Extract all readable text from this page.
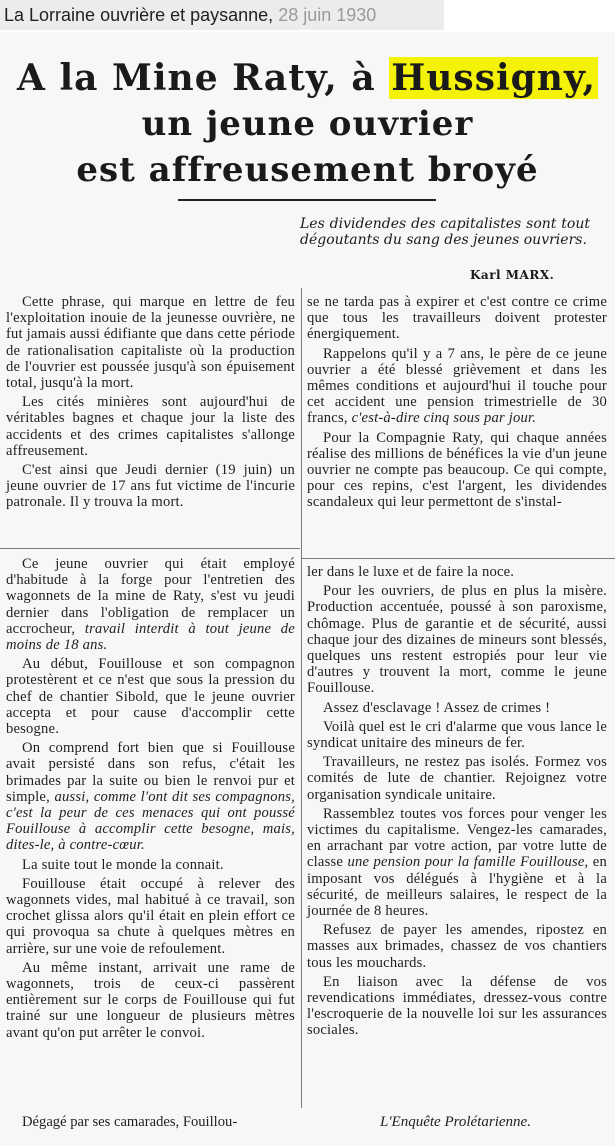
La Lorraine ouvrière et paysanne, 28 juin 1930
A la Mine Raty, à Hussigny,
un jeune ouvrier
est affreusement broyé
Les dividendes des capitalistes sont tout dégoutants du sang des jeunes ouvriers.
Karl MARX.

Cette phrase, qui marque en lettre de feu l'exploitation inouie de la jeunesse ouvrière, ne fut jamais aussi édifiante que dans cette période de rationalisation capitaliste où la production de l'ouvrier est poussée jusqu'à son épuisement total, jusqu'à la mort.

Les cités minières sont aujourd'hui de véritables bagnes et chaque jour la liste des accidents et des crimes capitalistes s'allonge affreusement.

C'est ainsi que Jeudi dernier (19 juin) un jeune ouvrier de 17 ans fut victime de l'incurie patronale. Il y trouva la mort.

Ce jeune ouvrier qui était employé d'habitude à la forge pour l'entretien des wagonnets de la mine de Raty, s'est vu jeudi dernier dans l'obligation de remplacer un accrocheur, travail interdit à tout jeune de moins de 18 ans.

Au début, Fouillouse et son compagnon protestèrent et ce n'est que sous la pression du chef de chantier Sibold, que le jeune ouvrier accepta et pour cause d'accomplir cette besogne.

On comprend fort bien que si Fouillouse avait persisté dans son refus, c'était les brimades par la suite ou bien le renvoi pur et simple, aussi, comme l'ont dit ses compagnons, c'est la peur de ces menaces qui ont poussé Fouillouse à accomplir cette besogne, mais, dites-le, à contre-cœur.

La suite tout le monde la connait.

Fouillouse était occupé à relever des wagonnets vides, mal habitué à ce travail, son crochet glissa alors qu'il était en plein effort ce qui provoqua sa chute à quelques mètres en arrière, sur une voie de refoulement.

Au même instant, arrivait une rame de wagonnets, trois de ceux-ci passèrent entièrement sur le corps de Fouillouse qui fut trainé sur une longueur de plusieurs mètres avant qu'on put arrêter le convoi.

se ne tarda pas à expirer et c'est contre ce crime que tous les travailleurs doivent protester énergiquement.

Rappelons qu'il y a 7 ans, le père de ce jeune ouvrier a été blessé grièvement et dans les mêmes conditions et aujourd'hui il touche pour cet accident une pension trimestrielle de 30 francs, c'est-à-dire cinq sous par jour.

Pour la Compagnie Raty, qui chaque années réalise des millions de bénéfices la vie d'un jeune ouvrier ne compte pas beaucoup. Ce qui compte, pour ces repins, c'est l'argent, les dividendes scandaleux qui leur permettont de s'instal-

ler dans le luxe et de faire la noce.

Pour les ouvriers, de plus en plus la misère. Production accentuée, poussé à son paroxisme, chômage. Plus de garantie et de sécurité, aussi chaque jour des dizaines de mineurs sont blessés, quelques uns restent estropiés pour leur vie d'autres y trouvent la mort, comme le jeune Fouillouse.

Assez d'esclavage ! Assez de crimes !

Voilà quel est le cri d'alarme que vous lance le syndicat unitaire des mineurs de fer.

Travailleurs, ne restez pas isolés. Formez vos comités de lute de chantier. Rejoignez votre organisation syndicale unitaire.

Rassemblez toutes vos forces pour venger les victimes du capitalisme. Vengez-les camarades, en arrachant par votre action, par votre lutte de classe une pension pour la famille Fouillouse, en imposant vos délégués à l'hygiène et à la sécurité, de meilleurs salaires, le respect de la journée de 8 heures.

Refusez de payer les amendes, ripostez en masses aux brimades, chassez de vos chantiers tous les mouchards.

En liaison avec la défense de vos revendications immédiates, dressez-vous contre l'escroquerie de la nouvelle loi sur les assurances sociales.

Dégagé par ses camarades, Fouillou-	L'Enquête Prolétarienne.
